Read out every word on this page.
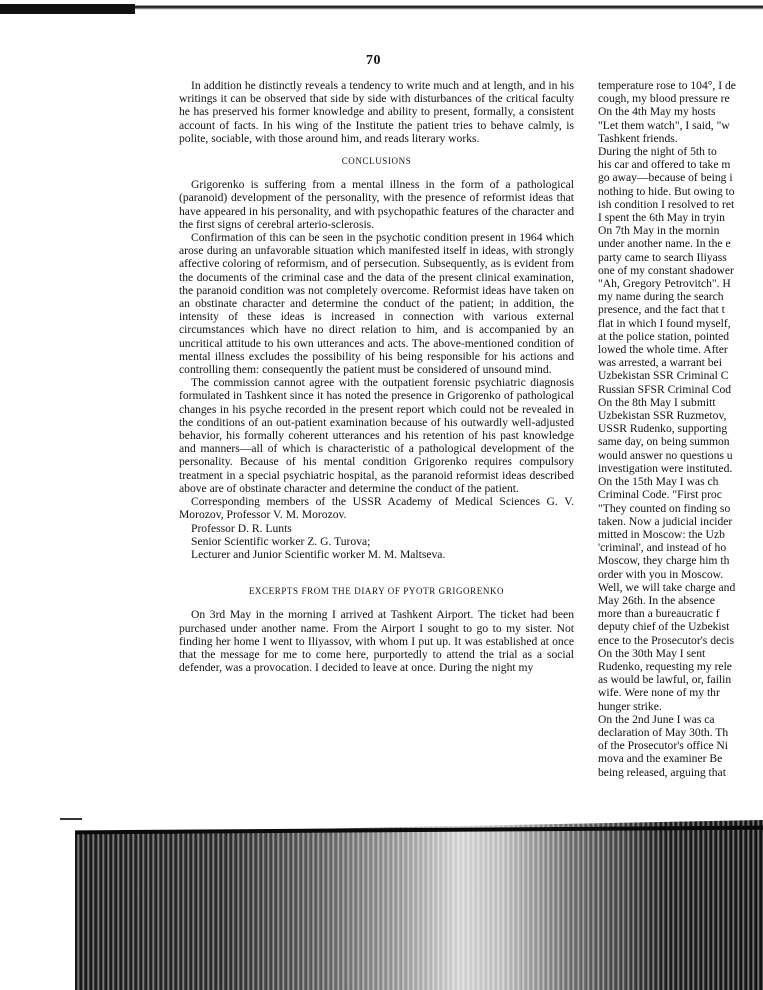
70

In addition he distinctly reveals a tendency to write much and at length, and in his writings it can be observed that side by side with disturbances of the critical faculty he has preserved his former knowledge and ability to present, formally, a consistent account of facts. In his wing of the Institute the patient tries to behave calmly, is polite, sociable, with those around him, and reads literary works.

CONCLUSIONS

Grigorenko is suffering from a mental illness in the form of a pathological (paranoid) development of the personality, with the presence of reformist ideas that have appeared in his personality, and with psychopathic features of the character and the first signs of cerebral arterio-sclerosis.

Confirmation of this can be seen in the psychotic condition present in 1964 which arose during an unfavorable situation which manifested itself in ideas, with strongly affective coloring of reformism, and of persecution. Subsequently, as is evident from the documents of the criminal case and the data of the present clinical examination, the paranoid condition was not completely overcome. Reformist ideas have taken on an obstinate character and determine the conduct of the patient; in addition, the intensity of these ideas is increased in connection with various external circumstances which have no direct relation to him, and is accompanied by an uncritical attitude to his own utterances and acts. The above-mentioned condition of mental illness excludes the possibility of his being responsible for his actions and controlling them: consequently the patient must be considered of unsound mind.

The commission cannot agree with the outpatient forensic psychiatric diagnosis formulated in Tashkent since it has noted the presence in Grigorenko of pathological changes in his psyche recorded in the present report which could not be revealed in the conditions of an out-patient examination because of his outwardly well-adjusted behavior, his formally coherent utterances and his retention of his past knowledge and manners—all of which is characteristic of a pathological development of the personality. Because of his mental condition Grigorenko requires compulsory treatment in a special psychiatric hospital, as the paranoid reformist ideas described above are of obstinate character and determine the conduct of the patient.

Corresponding members of the USSR Academy of Medical Sciences G. V. Morozov, Professor V. M. Morozov.

Professor D. R. Lunts

Senior Scientific worker Z. G. Turova;

Lecturer and Junior Scientific worker M. M. Maltseva.

EXCERPTS FROM THE DIARY OF PYOTR GRIGORENKO

On 3rd May in the morning I arrived at Tashkent Airport. The ticket had been purchased under another name. From the Airport I sought to go to my sister. Not finding her home I went to Iliyassov, with whom I put up. It was established at once that the message for me to come here, purportedly to attend the trial as a social defender, was a provocation. I decided to leave at once. During the night my

temperature rose to 104°, I de
cough, my blood pressure re
On the 4th May my hosts
"Let them watch", I said, "w
Tashkent friends.
During the night of 5th to
his car and offered to take m
go away—because of being i
nothing to hide. But owing to
ish condition I resolved to ret
I spent the 6th May in tryin
On 7th May in the mornin
under another name. In the e
party came to search Iliyass
one of my constant shadower
"Ah, Gregory Petrovitch". H
my name during the search
presence, and the fact that t
flat in which I found myself,
at the police station, pointed
lowed the whole time. After
was arrested, a warrant bei
Uzbekistan SSR Criminal C
Russian SFSR Criminal Cod
On the 8th May I submitt
Uzbekistan SSR Ruzmetov,
USSR Rudenko, supporting
same day, on being summon
would answer no questions u
investigation were instituted.
On the 15th May I was ch
Criminal Code. "First proc
"They counted on finding so
taken. Now a judicial incider
mitted in Moscow: the Uzb
'criminal', and instead of ho
Moscow, they charge him th
order with you in Moscow.
Well, we will take charge and
May 26th. In the absence
more than a bureaucratic f
deputy chief of the Uzbekist
ence to the Prosecutor's decis
On the 30th May I sent
Rudenko, requesting my rele
as would be lawful, or, failin
wife. Were none of my thr
hunger strike.
On the 2nd June I was ca
declaration of May 30th. Th
of the Prosecutor's office Ni
mova and the examiner Be
being released, arguing that
